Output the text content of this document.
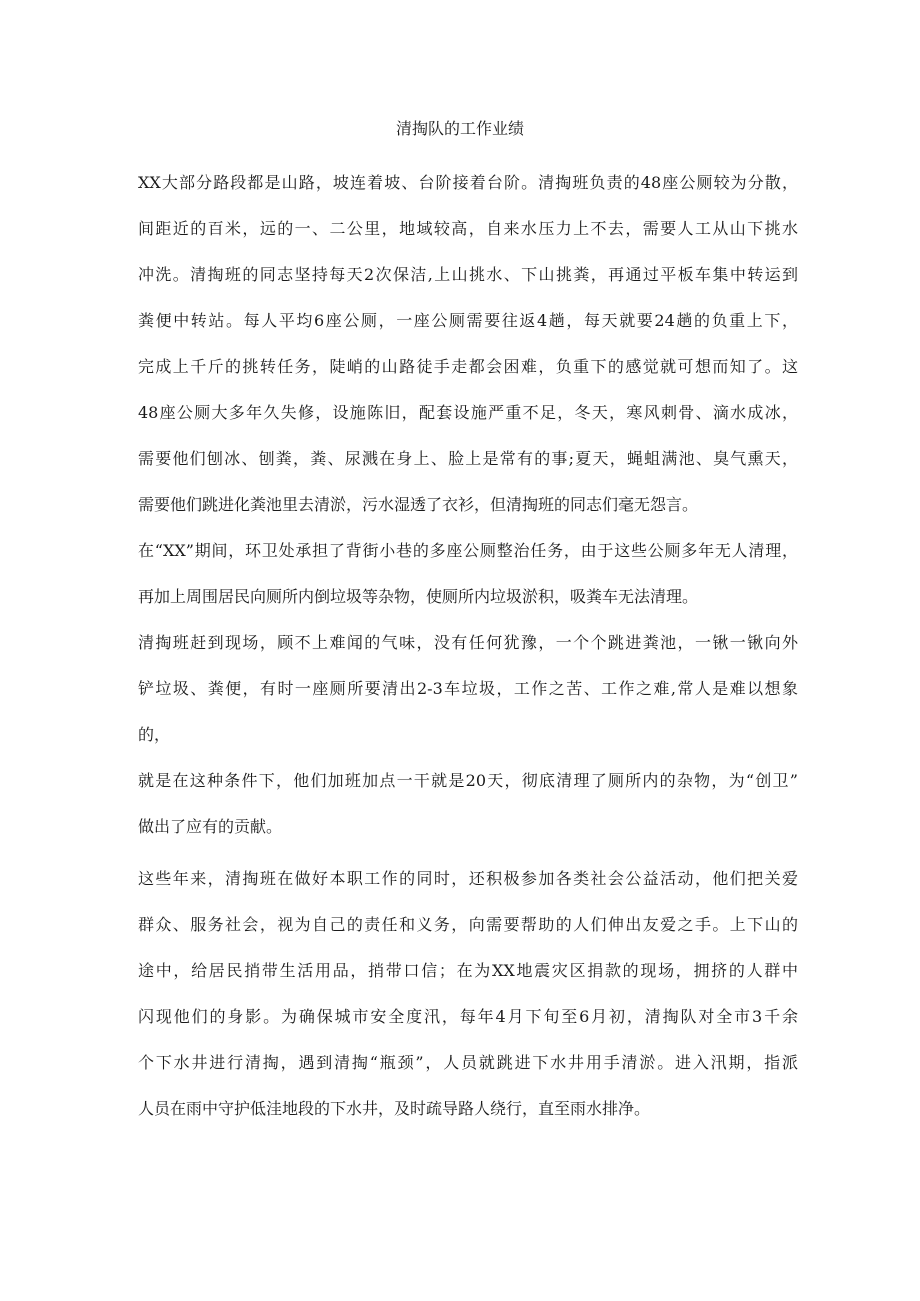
清掏队的工作业绩

XX大部分路段都是山路，坡连着坡、台阶接着台阶。清掏班负责的48座公厕较为分散，

间距近的百米，远的一、二公里，地域较高，自来水压力上不去，需要人工从山下挑水

冲洗。清掏班的同志坚持每天2次保洁,上山挑水、下山挑粪，再通过平板车集中转运到

粪便中转站。每人平均6座公厕，一座公厕需要往返4趟，每天就要24趟的负重上下，

完成上千斤的挑转任务，陡峭的山路徒手走都会困难，负重下的感觉就可想而知了。这

48座公厕大多年久失修，设施陈旧，配套设施严重不足，冬天，寒风刺骨、滴水成冰，

需要他们刨冰、刨粪，粪、尿溅在身上、脸上是常有的事;夏天，蝇蛆满池、臭气熏天，

需要他们跳进化粪池里去清淤，污水湿透了衣衫，但清掏班的同志们毫无怨言。

在“XX”期间，环卫处承担了背街小巷的多座公厕整治任务，由于这些公厕多年无人清理，

再加上周围居民向厕所内倒垃圾等杂物，使厕所内垃圾淤积，吸粪车无法清理。

清掏班赶到现场，顾不上难闻的气味，没有任何犹豫，一个个跳进粪池，一锹一锹向外

铲垃圾、粪便，有时一座厕所要清出2-3车垃圾，工作之苦、工作之难,常人是难以想象

的，

就是在这种条件下，他们加班加点一干就是20天，彻底清理了厕所内的杂物，为“创卫”

做出了应有的贡献。

这些年来，清掏班在做好本职工作的同时，还积极参加各类社会公益活动，他们把关爱

群众、服务社会，视为自己的责任和义务，向需要帮助的人们伸出友爱之手。上下山的

途中，给居民捎带生活用品，捎带口信；在为XX地震灾区捐款的现场，拥挤的人群中

闪现他们的身影。为确保城市安全度汛，每年4月下旬至6月初，清掏队对全市3千余

个下水井进行清掏，遇到清掏“瓶颈”，人员就跳进下水井用手清淤。进入汛期，指派

人员在雨中守护低洼地段的下水井，及时疏导路人绕行，直至雨水排净。
